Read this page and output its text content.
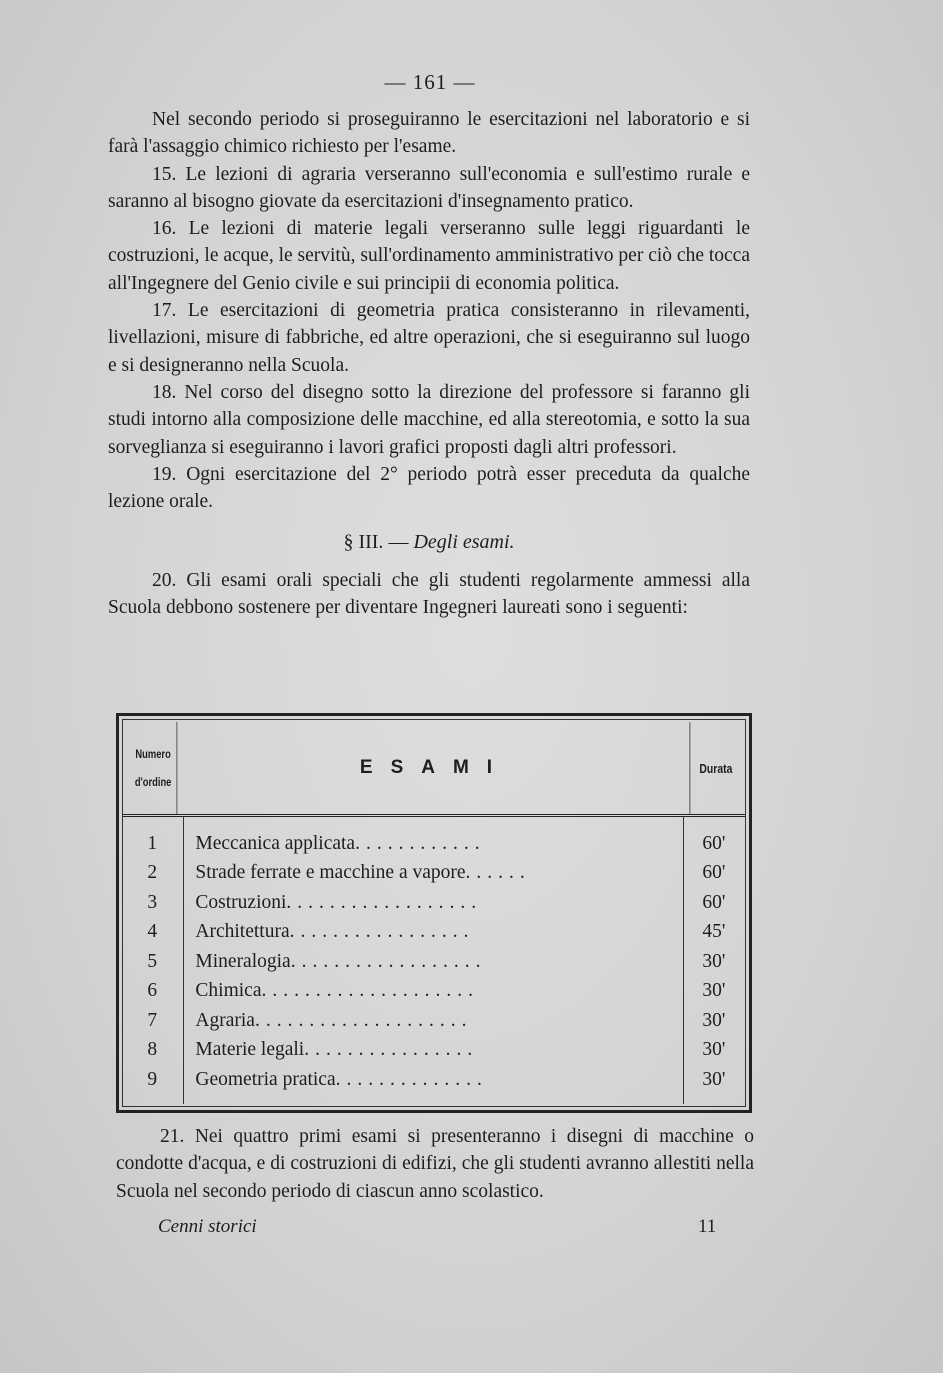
— 161 —

Nel secondo periodo si proseguiranno le esercitazioni nel laboratorio e si farà l'assaggio chimico richiesto per l'esame.

15. Le lezioni di agraria verseranno sull'economia e sull'estimo rurale e saranno al bisogno giovate da esercitazioni d'insegnamento pratico.

16. Le lezioni di materie legali verseranno sulle leggi riguardanti le costruzioni, le acque, le servitù, sull'ordinamento amministrativo per ciò che tocca all'Ingegnere del Genio civile e sui principii di economia politica.

17. Le esercitazioni di geometria pratica consisteranno in rilevamenti, livellazioni, misure di fabbriche, ed altre operazioni, che si eseguiranno sul luogo e si designeranno nella Scuola.

18. Nel corso del disegno sotto la direzione del professore si faranno gli studi intorno alla composizione delle macchine, ed alla stereotomia, e sotto la sua sorveglianza si eseguiranno i lavori grafici proposti dagli altri professori.

19. Ogni esercitazione del 2° periodo potrà esser preceduta da qualche lezione orale.

§ III. — Degli esami.

20. Gli esami orali speciali che gli studenti regolarmente ammessi alla Scuola debbono sostenere per diventare Ingegneri laureati sono i seguenti:

Numero
d'ordine
ESAMI	Durata
1	Meccanica applicata............	60'
2	Strade ferrate e macchine a vapore......	60'
3	Costruzioni..................	60'
4	Architettura.................	45'
5	Mineralogia..................	30'
6	Chimica....................	30'
7	Agraria....................	30'
8	Materie legali................	30'
9	Geometria pratica..............	30'

21. Nei quattro primi esami si presenteranno i disegni di macchine o condotte d'acqua, e di costruzioni di edifizi, che gli studenti avranno allestiti nella Scuola nel secondo periodo di ciascun anno scolastico.

Cenni storici	11
